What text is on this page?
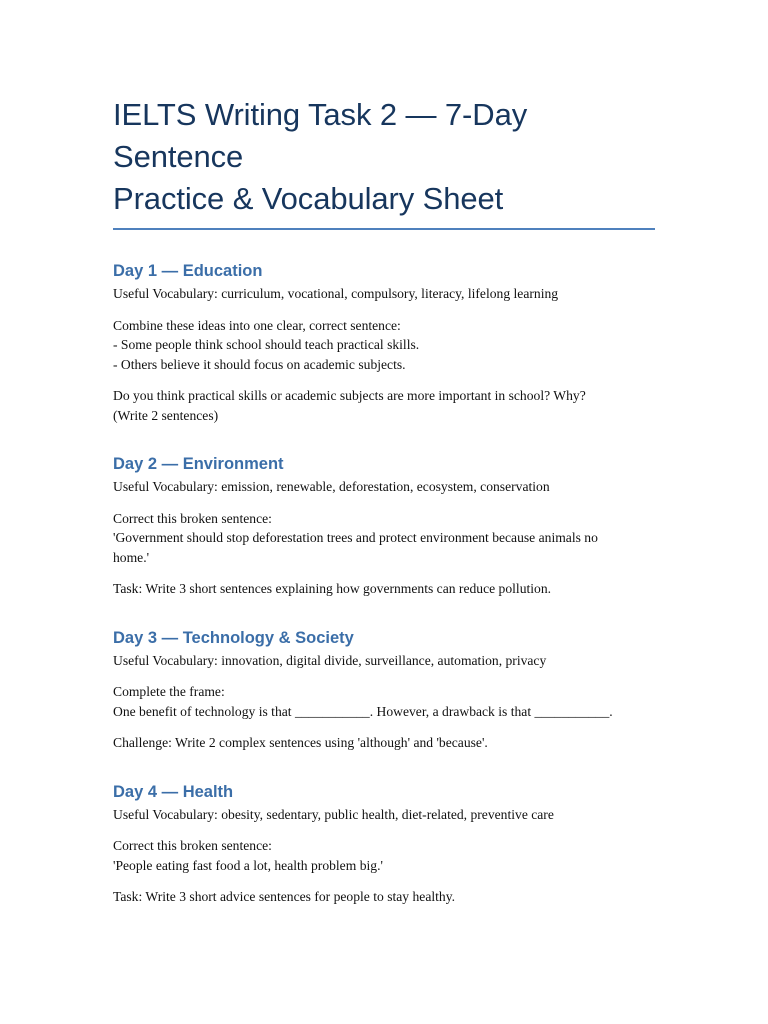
IELTS Writing Task 2 — 7-Day Sentence
Practice & Vocabulary Sheet
Day 1 — Education

Useful Vocabulary: curriculum, vocational, compulsory, literacy, lifelong learning

Combine these ideas into one clear, correct sentence:

- Some people think school should teach practical skills.

- Others believe it should focus on academic subjects.

Do you think practical skills or academic subjects are more important in school? Why?

(Write 2 sentences)

Day 2 — Environment

Useful Vocabulary: emission, renewable, deforestation, ecosystem, conservation

Correct this broken sentence:

'Government should stop deforestation trees and protect environment because animals no

home.'

Task: Write 3 short sentences explaining how governments can reduce pollution.

Day 3 — Technology & Society

Useful Vocabulary: innovation, digital divide, surveillance, automation, privacy

Complete the frame:

One benefit of technology is that ___________. However, a drawback is that ___________.

Challenge: Write 2 complex sentences using 'although' and 'because'.

Day 4 — Health

Useful Vocabulary: obesity, sedentary, public health, diet-related, preventive care

Correct this broken sentence:

'People eating fast food a lot, health problem big.'

Task: Write 3 short advice sentences for people to stay healthy.
